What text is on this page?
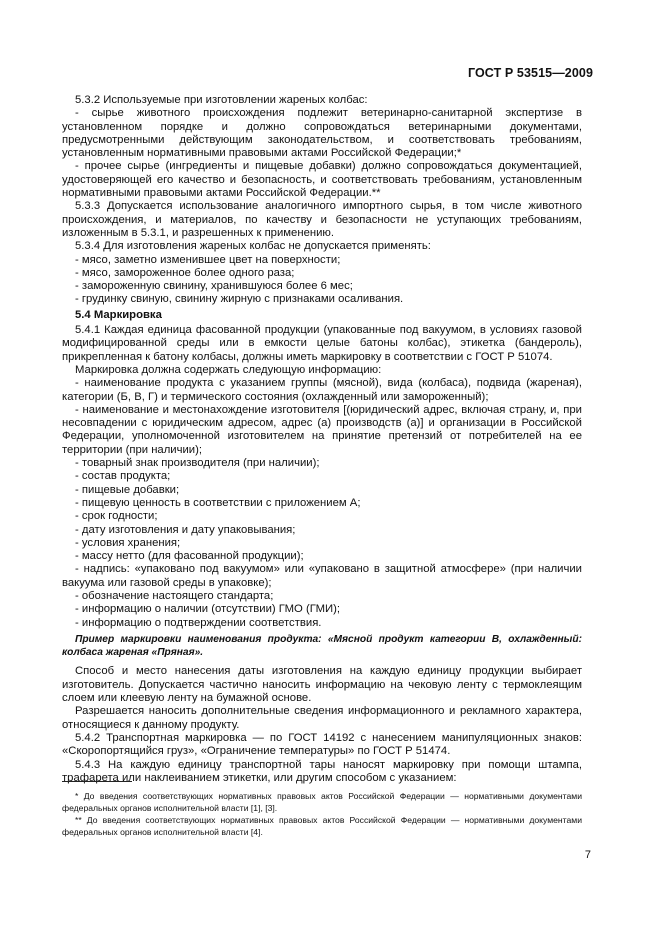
ГОСТ Р 53515—2009

5.3.2 Используемые при изготовлении жареных колбас:

- сырье животного происхождения подлежит ветеринарно-санитарной экспертизе в установленном порядке и должно сопровождаться ветеринарными документами, предусмотренными действующим законодательством, и соответствовать требованиям, установленным нормативными правовыми актами Российской Федерации;*

- прочее сырье (ингредиенты и пищевые добавки) должно сопровождаться документацией, удостоверяющей его качество и безопасность, и соответствовать требованиям, установленным нормативными правовыми актами Российской Федерации.**

5.3.3 Допускается использование аналогичного импортного сырья, в том числе животного происхождения, и материалов, по качеству и безопасности не уступающих требованиям, изложенным в 5.3.1, и разрешенных к применению.

5.3.4 Для изготовления жареных колбас не допускается применять:

- мясо, заметно изменившее цвет на поверхности;

- мясо, замороженное более одного раза;

- замороженную свинину, хранившуюся более 6 мес;

- грудинку свиную, свинину жирную с признаками осаливания.

5.4 Маркировка

5.4.1 Каждая единица фасованной продукции (упакованные под вакуумом, в условиях газовой модифицированной среды или в емкости целые батоны колбас), этикетка (бандероль), прикрепленная к батону колбасы, должны иметь маркировку в соответствии с ГОСТ Р 51074.

Маркировка должна содержать следующую информацию:

- наименование продукта с указанием группы (мясной), вида (колбаса), подвида (жареная), категории (Б, В, Г) и термического состояния (охлажденный или замороженный);

- наименование и местонахождение изготовителя [(юридический адрес, включая страну, и, при несовпадении с юридическим адресом, адрес (а) производств (а)] и организации в Российской Федерации, уполномоченной изготовителем на принятие претензий от потребителей на ее территории (при наличии);

- товарный знак производителя (при наличии);

- состав продукта;

- пищевые добавки;

- пищевую ценность в соответствии с приложением А;

- срок годности;

- дату изготовления и дату упаковывания;

- условия хранения;

- массу нетто (для фасованной продукции);

- надпись: «упаковано под вакуумом» или «упаковано в защитной атмосфере» (при наличии вакуума или газовой среды в упаковке);

- обозначение настоящего стандарта;

- информацию о наличии (отсутствии) ГМО (ГМИ);

- информацию о подтверждении соответствия.

Пример маркировки наименования продукта: «Мясной продукт категории В, охлажденный: колбаса жареная «Пряная».

Способ и место нанесения даты изготовления на каждую единицу продукции выбирает изготовитель. Допускается частично наносить информацию на чековую ленту с термоклеящим слоем или клеевую ленту на бумажной основе.

Разрешается наносить дополнительные сведения информационного и рекламного характера, относящиеся к данному продукту.

5.4.2 Транспортная маркировка — по ГОСТ 14192 с нанесением манипуляционных знаков: «Скоропортящийся груз», «Ограничение температуры» по ГОСТ Р 51474.

5.4.3 На каждую единицу транспортной тары наносят маркировку при помощи штампа, трафарета или наклеиванием этикетки, или другим способом с указанием:

* До введения соответствующих нормативных правовых актов Российской Федерации — нормативными документами федеральных органов исполнительной власти [1], [3].

** До введения соответствующих нормативных правовых актов Российской Федерации — нормативными документами федеральных органов исполнительной власти [4].

7
